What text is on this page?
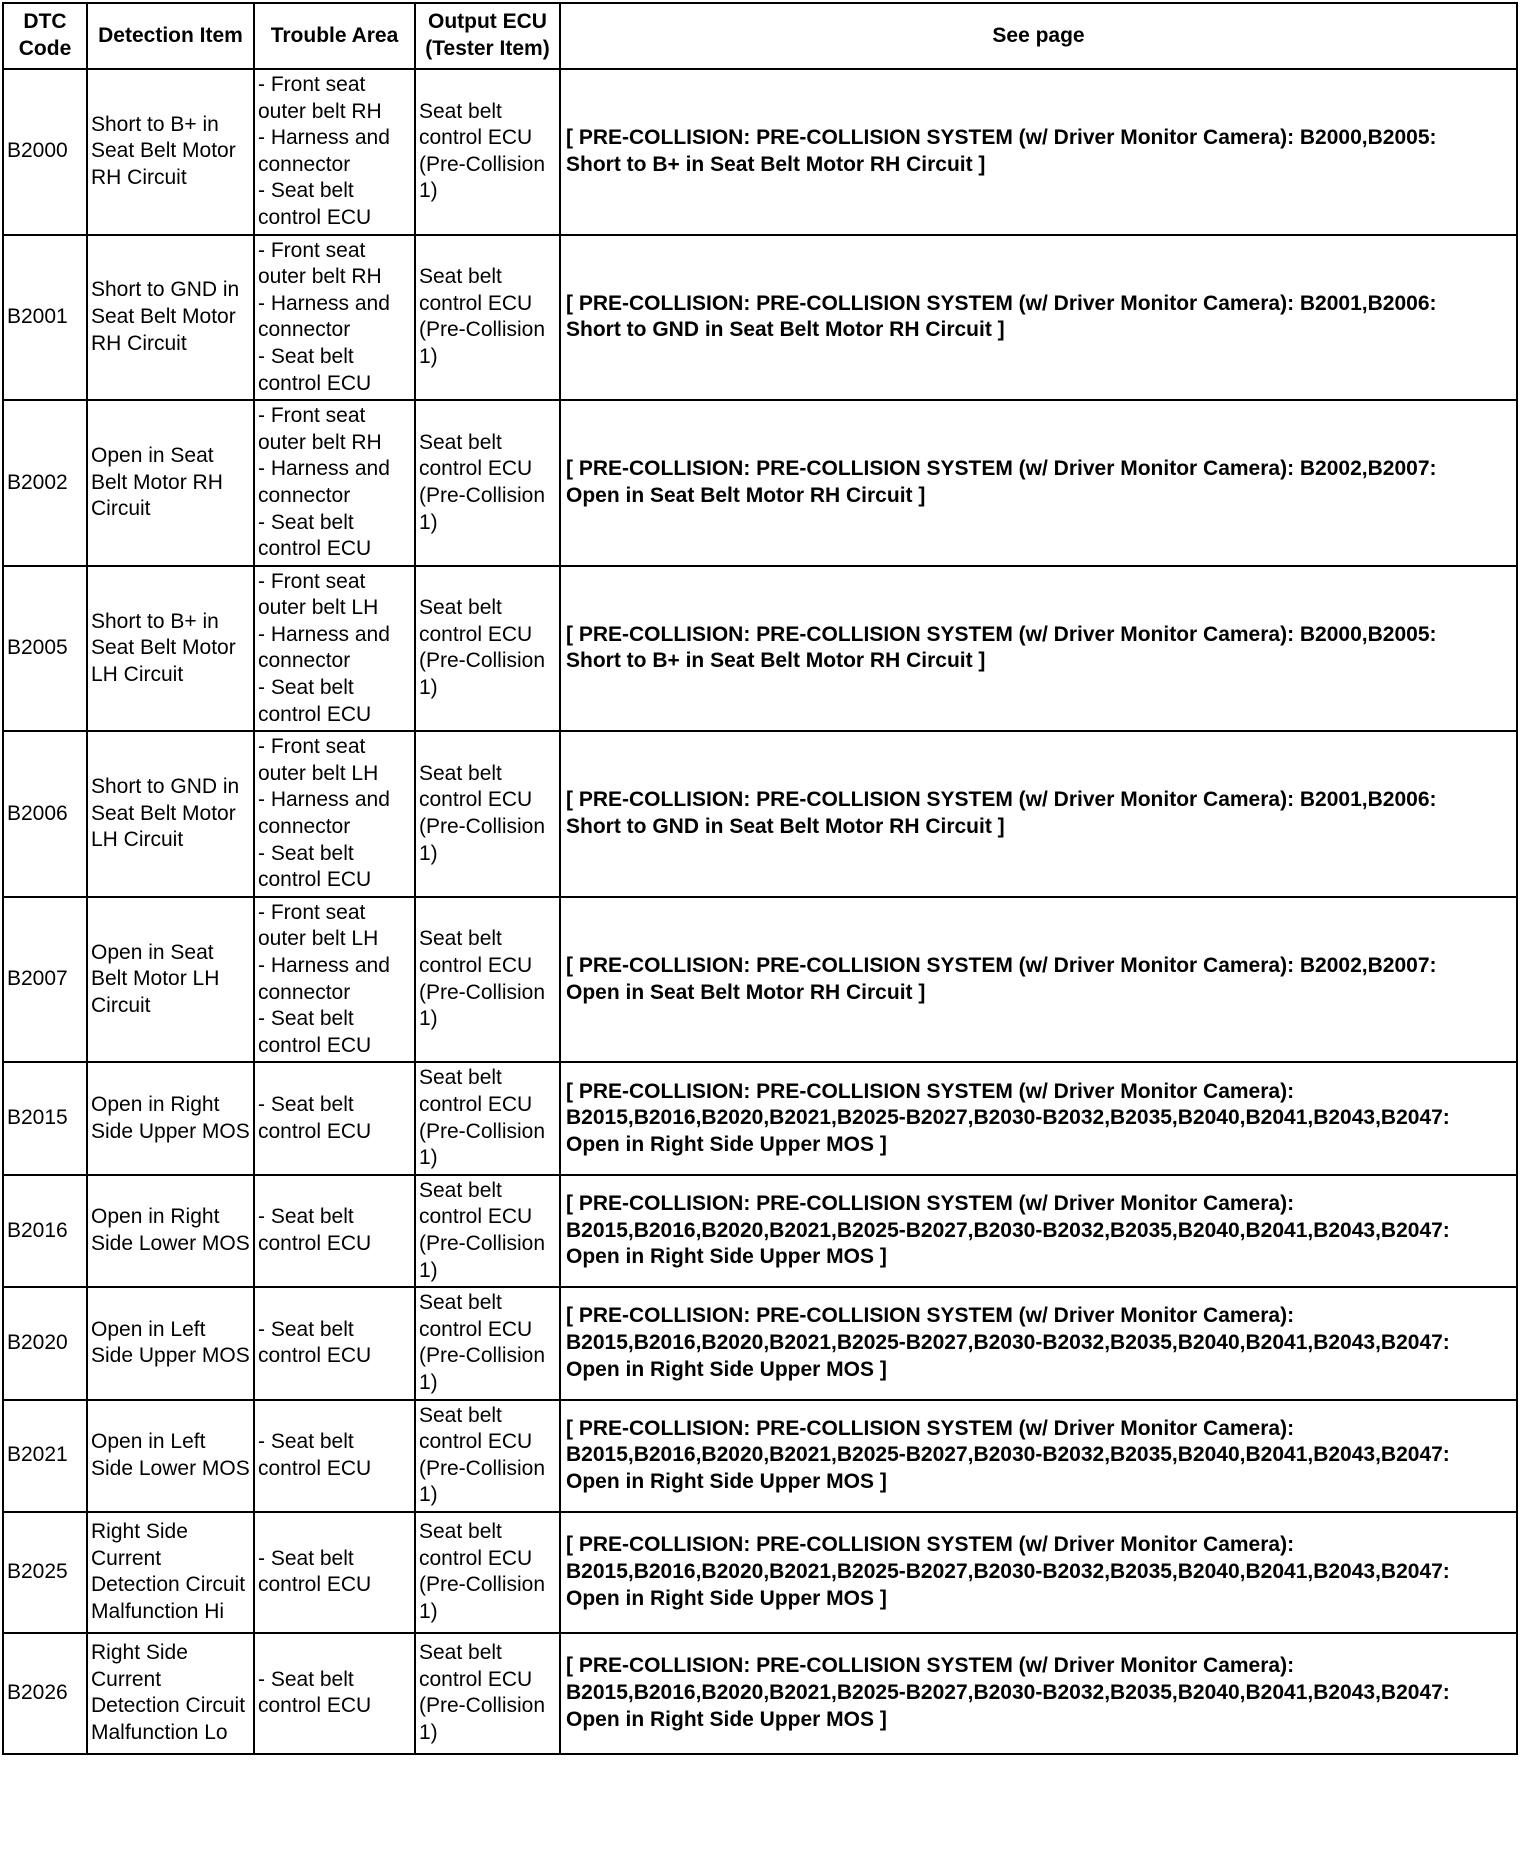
DTC Code	Detection Item	Trouble Area	Output ECU (Tester Item)	See page
B2000	Short to B+ in Seat Belt Motor RH Circuit	- Front seat outer belt RH
- Harness and connector
- Seat belt control ECU	Seat belt control ECU (Pre-Collision 1)	[ PRE-COLLISION: PRE-COLLISION SYSTEM (w/ Driver Monitor Camera): B2000,B2005:
Short to B+ in Seat Belt Motor RH Circuit ]

B2001	Short to GND in Seat Belt Motor RH Circuit	- Front seat outer belt RH
- Harness and connector
- Seat belt control ECU	Seat belt control ECU (Pre-Collision 1)	[ PRE-COLLISION: PRE-COLLISION SYSTEM (w/ Driver Monitor Camera): B2001,B2006:
Short to GND in Seat Belt Motor RH Circuit ]

B2002	Open in Seat Belt Motor RH Circuit	- Front seat outer belt RH
- Harness and connector
- Seat belt control ECU	Seat belt control ECU (Pre-Collision 1)	[ PRE-COLLISION: PRE-COLLISION SYSTEM (w/ Driver Monitor Camera): B2002,B2007:
Open in Seat Belt Motor RH Circuit ]

B2005	Short to B+ in Seat Belt Motor LH Circuit	- Front seat outer belt LH
- Harness and connector
- Seat belt control ECU	Seat belt control ECU (Pre-Collision 1)	[ PRE-COLLISION: PRE-COLLISION SYSTEM (w/ Driver Monitor Camera): B2000,B2005:
Short to B+ in Seat Belt Motor RH Circuit ]

B2006	Short to GND in Seat Belt Motor LH Circuit	- Front seat outer belt LH
- Harness and connector
- Seat belt control ECU	Seat belt control ECU (Pre-Collision 1)	[ PRE-COLLISION: PRE-COLLISION SYSTEM (w/ Driver Monitor Camera): B2001,B2006:
Short to GND in Seat Belt Motor RH Circuit ]

B2007	Open in Seat Belt Motor LH Circuit	- Front seat outer belt LH
- Harness and connector
- Seat belt control ECU	Seat belt control ECU (Pre-Collision 1)	[ PRE-COLLISION: PRE-COLLISION SYSTEM (w/ Driver Monitor Camera): B2002,B2007:
Open in Seat Belt Motor RH Circuit ]

B2015	Open in Right Side Upper MOS	- Seat belt control ECU	Seat belt control ECU (Pre-Collision 1)	[ PRE-COLLISION: PRE-COLLISION SYSTEM (w/ Driver Monitor Camera):
B2015,B2016,B2020,B2021,B2025-B2027,B2030-B2032,B2035,B2040,B2041,B2043,B2047:
Open in Right Side Upper MOS ]

B2016	Open in Right Side Lower MOS	- Seat belt control ECU	Seat belt control ECU (Pre-Collision 1)	[ PRE-COLLISION: PRE-COLLISION SYSTEM (w/ Driver Monitor Camera):
B2015,B2016,B2020,B2021,B2025-B2027,B2030-B2032,B2035,B2040,B2041,B2043,B2047:
Open in Right Side Upper MOS ]

B2020	Open in Left Side Upper MOS	- Seat belt control ECU	Seat belt control ECU (Pre-Collision 1)	[ PRE-COLLISION: PRE-COLLISION SYSTEM (w/ Driver Monitor Camera):
B2015,B2016,B2020,B2021,B2025-B2027,B2030-B2032,B2035,B2040,B2041,B2043,B2047:
Open in Right Side Upper MOS ]

B2021	Open in Left Side Lower MOS	- Seat belt control ECU	Seat belt control ECU (Pre-Collision 1)	[ PRE-COLLISION: PRE-COLLISION SYSTEM (w/ Driver Monitor Camera):
B2015,B2016,B2020,B2021,B2025-B2027,B2030-B2032,B2035,B2040,B2041,B2043,B2047:
Open in Right Side Upper MOS ]

B2025	Right Side Current Detection Circuit Malfunction Hi	- Seat belt control ECU	Seat belt control ECU (Pre-Collision 1)	[ PRE-COLLISION: PRE-COLLISION SYSTEM (w/ Driver Monitor Camera):
B2015,B2016,B2020,B2021,B2025-B2027,B2030-B2032,B2035,B2040,B2041,B2043,B2047:
Open in Right Side Upper MOS ]

B2026	Right Side Current Detection Circuit Malfunction Lo	- Seat belt control ECU	Seat belt control ECU (Pre-Collision 1)	[ PRE-COLLISION: PRE-COLLISION SYSTEM (w/ Driver Monitor Camera):
B2015,B2016,B2020,B2021,B2025-B2027,B2030-B2032,B2035,B2040,B2041,B2043,B2047:
Open in Right Side Upper MOS ]
